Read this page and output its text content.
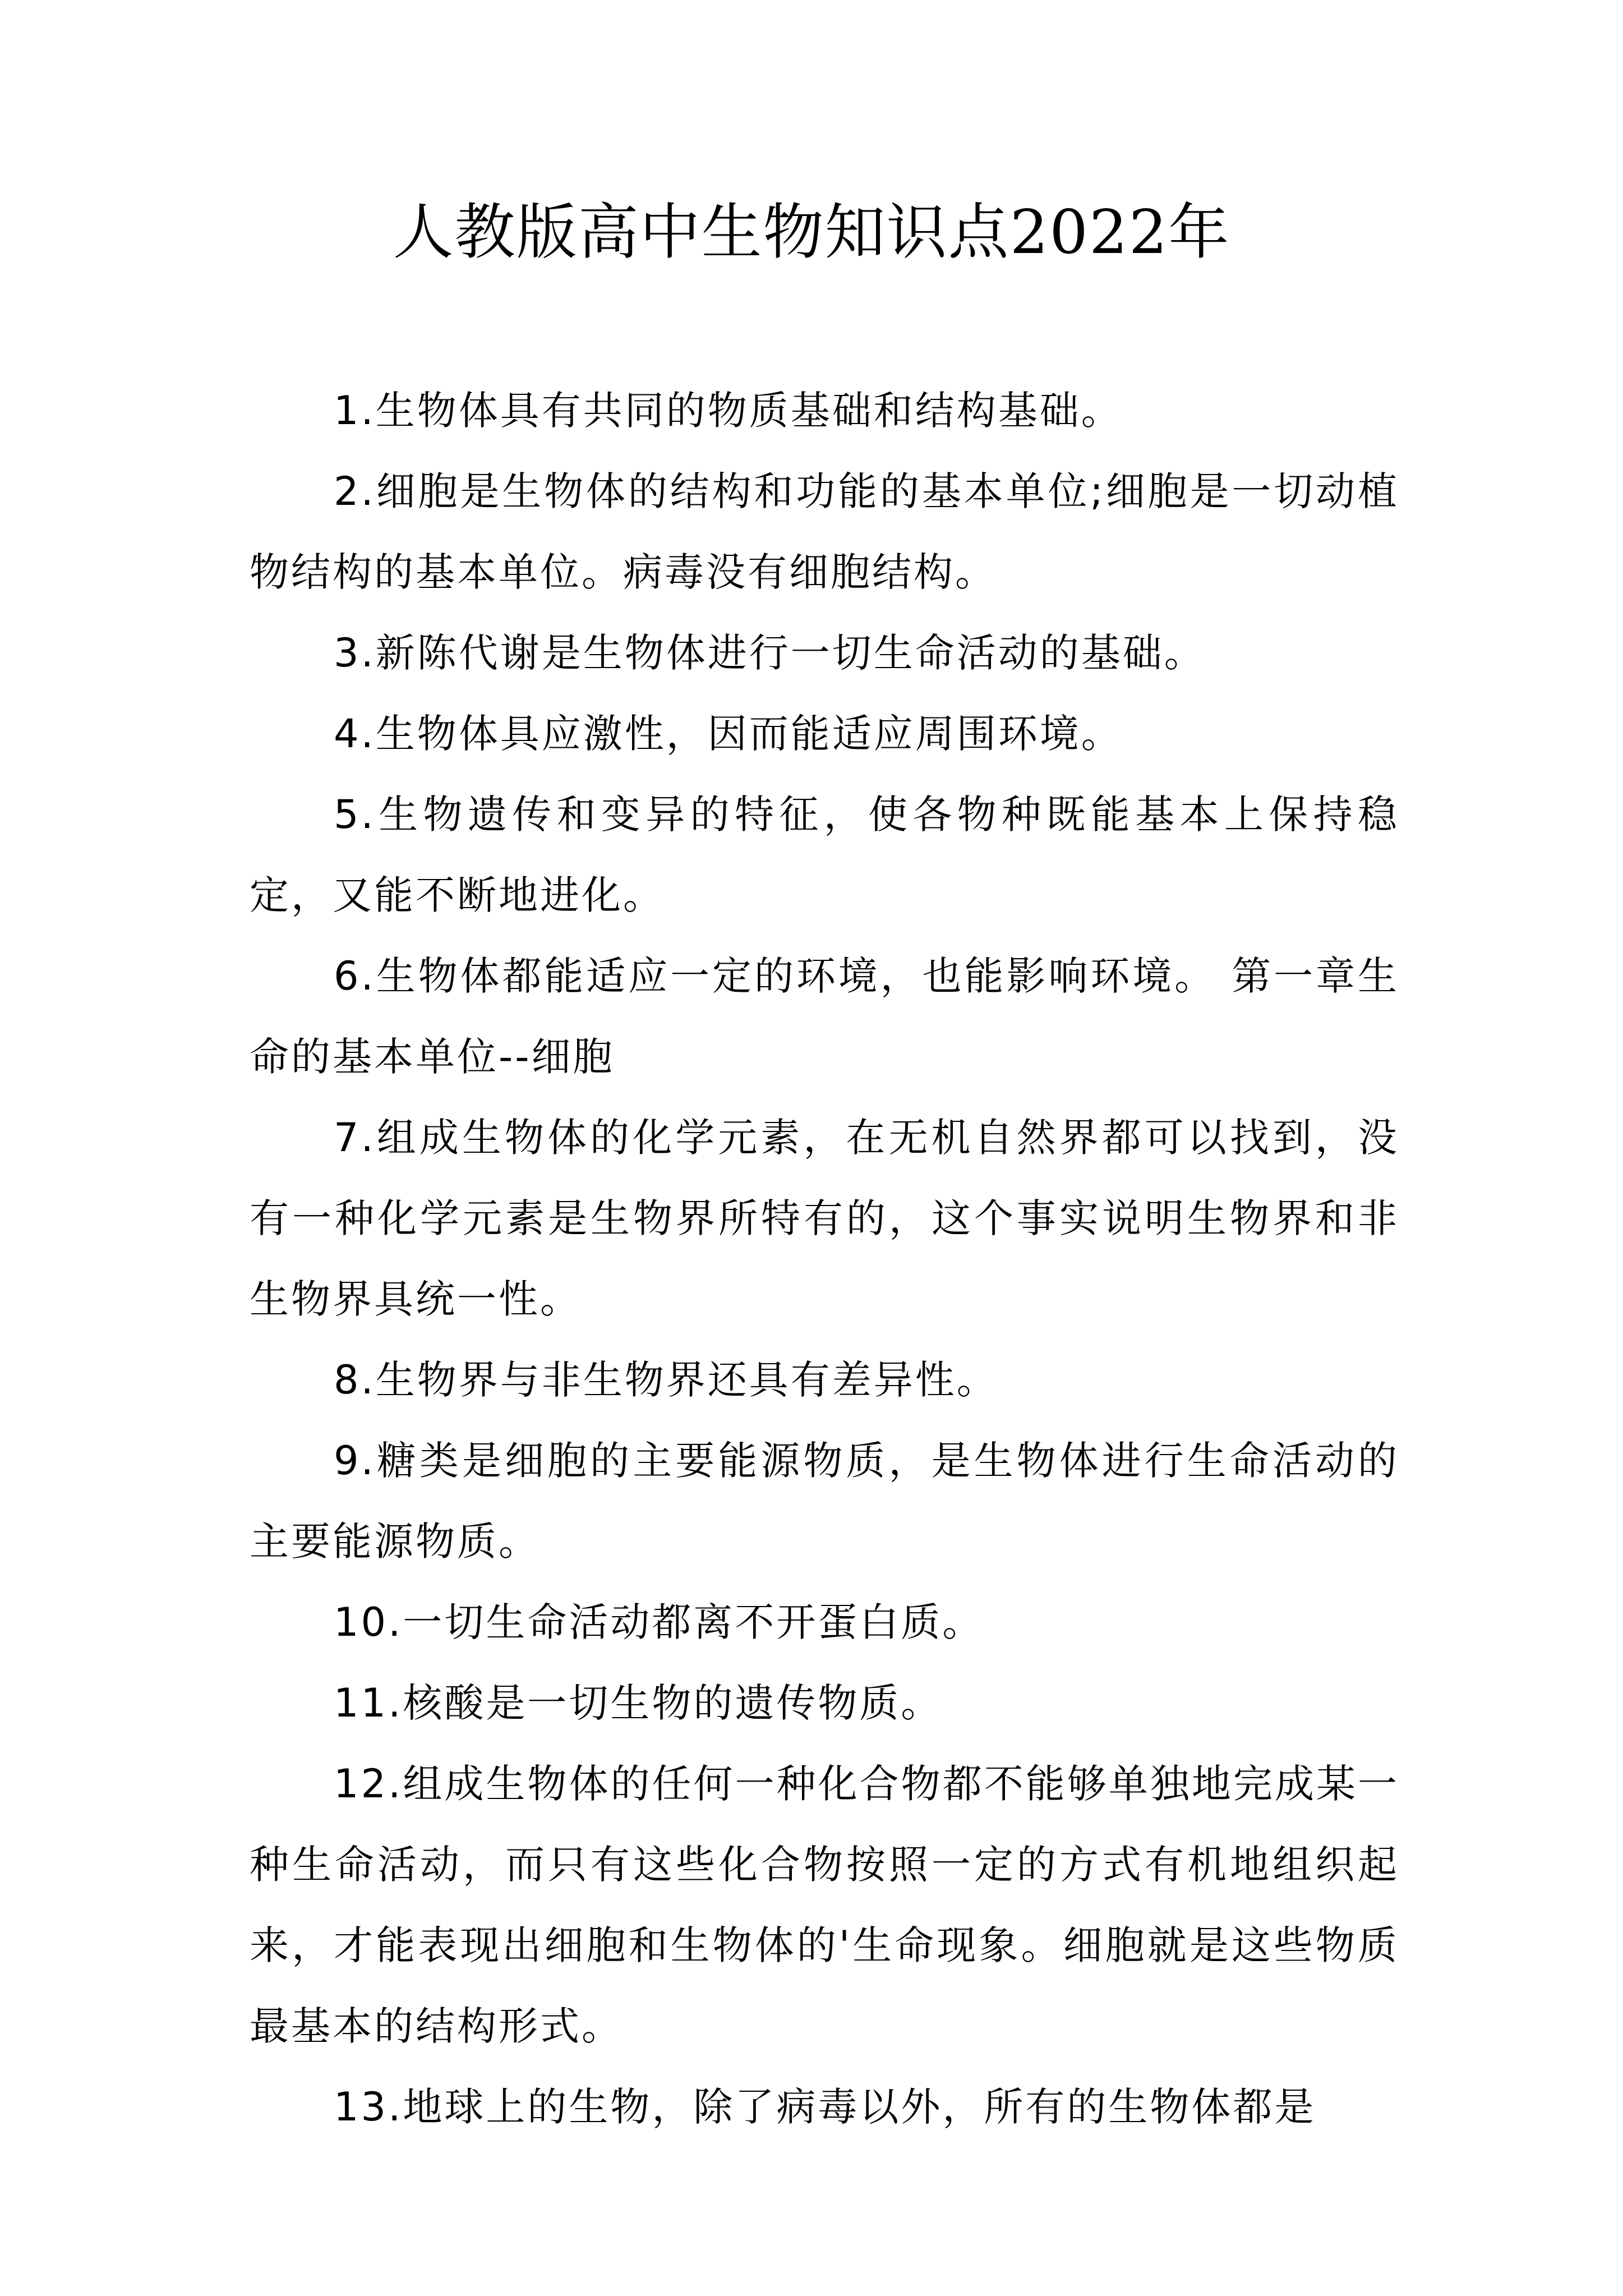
人教版高中生物知识点2022年

1.生物体具有共同的物质基础和结构基础。

2.细胞是生物体的结构和功能的基本单位;细胞是一切动植物结构的基本单位。病毒没有细胞结构。

3.新陈代谢是生物体进行一切生命活动的基础。

4.生物体具应激性，因而能适应周围环境。

5.生物遗传和变异的特征，使各物种既能基本上保持稳定，又能不断地进化。

6.生物体都能适应一定的环境，也能影响环境。 第一章生命的基本单位--细胞

7.组成生物体的化学元素，在无机自然界都可以找到，没有一种化学元素是生物界所特有的，这个事实说明生物界和非生物界具统一性。

8.生物界与非生物界还具有差异性。

9.糖类是细胞的主要能源物质，是生物体进行生命活动的主要能源物质。

10.一切生命活动都离不开蛋白质。

11.核酸是一切生物的遗传物质。

12.组成生物体的任何一种化合物都不能够单独地完成某一种生命活动，而只有这些化合物按照一定的方式有机地组织起来，才能表现出细胞和生物体的'生命现象。细胞就是这些物质最基本的结构形式。

13.地球上的生物，除了病毒以外，所有的生物体都是
